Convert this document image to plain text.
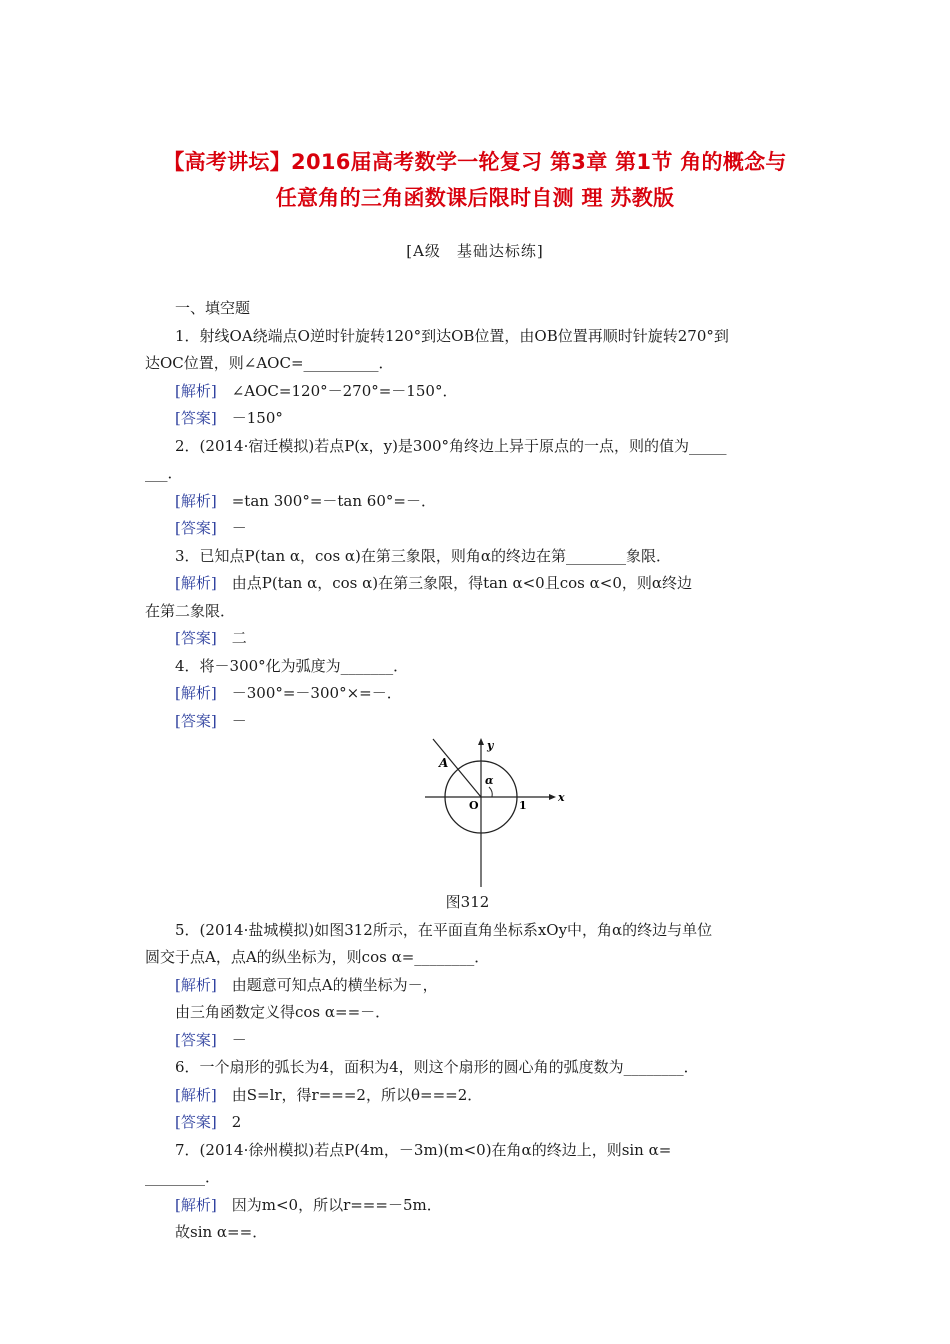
【高考讲坛】2016届高考数学一轮复习 第3章 第1节 角的概念与
任意角的三角函数课后限时自测 理 苏教版
[A级　基础达标练]
一、填空题
1．射线OA绕端点O逆时针旋转120°到达OB位置，由OB位置再顺时针旋转270°到
达OC位置，则∠AOC=__________．
[解析]　 ∠AOC=120°－270°=－150°．
[答案]　 －150°
2．(2014·宿迁模拟)若点P(x，y)是300°角终边上异于原点的一点，则的值为_____
___．
[解析]　 =tan 300°=－tan 60°=－．
[答案]　 －
3．已知点P(tan α，cos α)在第三象限，则角α的终边在第________象限．
[解析]　 由点P(tan α，cos α)在第三象限，得tan α<0且cos α<0，则α终边
在第二象限．
[答案]　 二
4．将－300°化为弧度为_______．
[解析]　 －300°=－300°×=－．
[答案]　 －
A
y
x
O	1
α
图312
5．(2014·盐城模拟)如图312所示，在平面直角坐标系xOy中，角α的终边与单位
圆交于点A，点A的纵坐标为，则cos α=________．
[解析]　 由题意可知点A的横坐标为－，
由三角函数定义得cos α==－．
[答案]　 －
6．一个扇形的弧长为4，面积为4，则这个扇形的圆心角的弧度数为________．
[解析]　 由S=lr，得r===2，所以θ===2．
[答案]　 2
7．(2014·徐州模拟)若点P(4m，－3m)(m<0)在角α的终边上，则sin α=
________．
[解析]　 因为m<0，所以r===－5m．
故sin α==．
